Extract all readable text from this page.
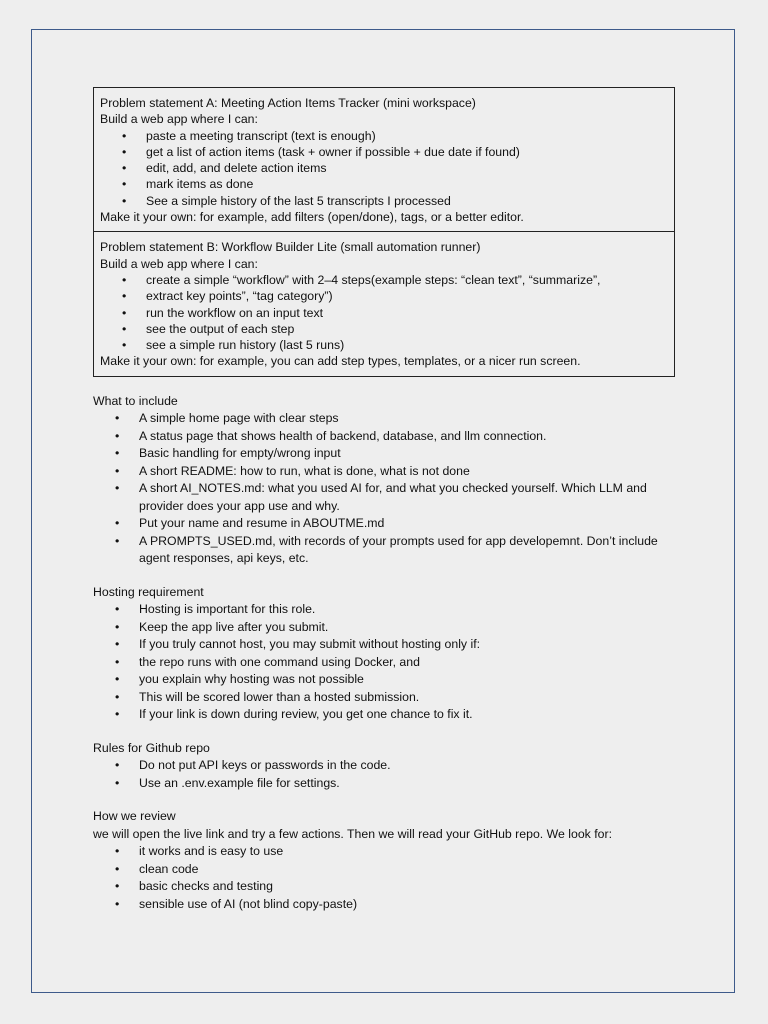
Problem statement A: Meeting Action Items Tracker (mini workspace)
Build a web app where I can:
• paste a meeting transcript (text is enough)
• get a list of action items (task + owner if possible + due date if found)
• edit, add, and delete action items
• mark items as done
• See a simple history of the last 5 transcripts I processed
Make it your own: for example, add filters (open/done), tags, or a better editor.
Problem statement B: Workflow Builder Lite (small automation runner)
Build a web app where I can:
• create a simple “workflow” with 2–4 steps(example steps: “clean text”, “summarize”,
• extract key points”, “tag category”)
• run the workflow on an input text
• see the output of each step
• see a simple run history (last 5 runs)
Make it your own: for example, you can add step types, templates, or a nicer run screen.
What to include
• A simple home page with clear steps
• A status page that shows health of backend, database, and llm connection.
• Basic handling for empty/wrong input
• A short README: how to run, what is done, what is not done
• A short AI_NOTES.md: what you used AI for, and what you checked yourself. Which LLM and provider does your app use and why.
• Put your name and resume in ABOUTME.md
• A PROMPTS_USED.md, with records of your prompts used for app developemnt. Don’t include agent responses, api keys, etc.
Hosting requirement
• Hosting is important for this role.
• Keep the app live after you submit.
• If you truly cannot host, you may submit without hosting only if:
• the repo runs with one command using Docker, and
• you explain why hosting was not possible
• This will be scored lower than a hosted submission.
• If your link is down during review, you get one chance to fix it.
Rules for Github repo
• Do not put API keys or passwords in the code.
• Use an .env.example file for settings.
How we review
we will open the live link and try a few actions. Then we will read your GitHub repo. We look for:
• it works and is easy to use
• clean code
• basic checks and testing
• sensible use of AI (not blind copy-paste)
